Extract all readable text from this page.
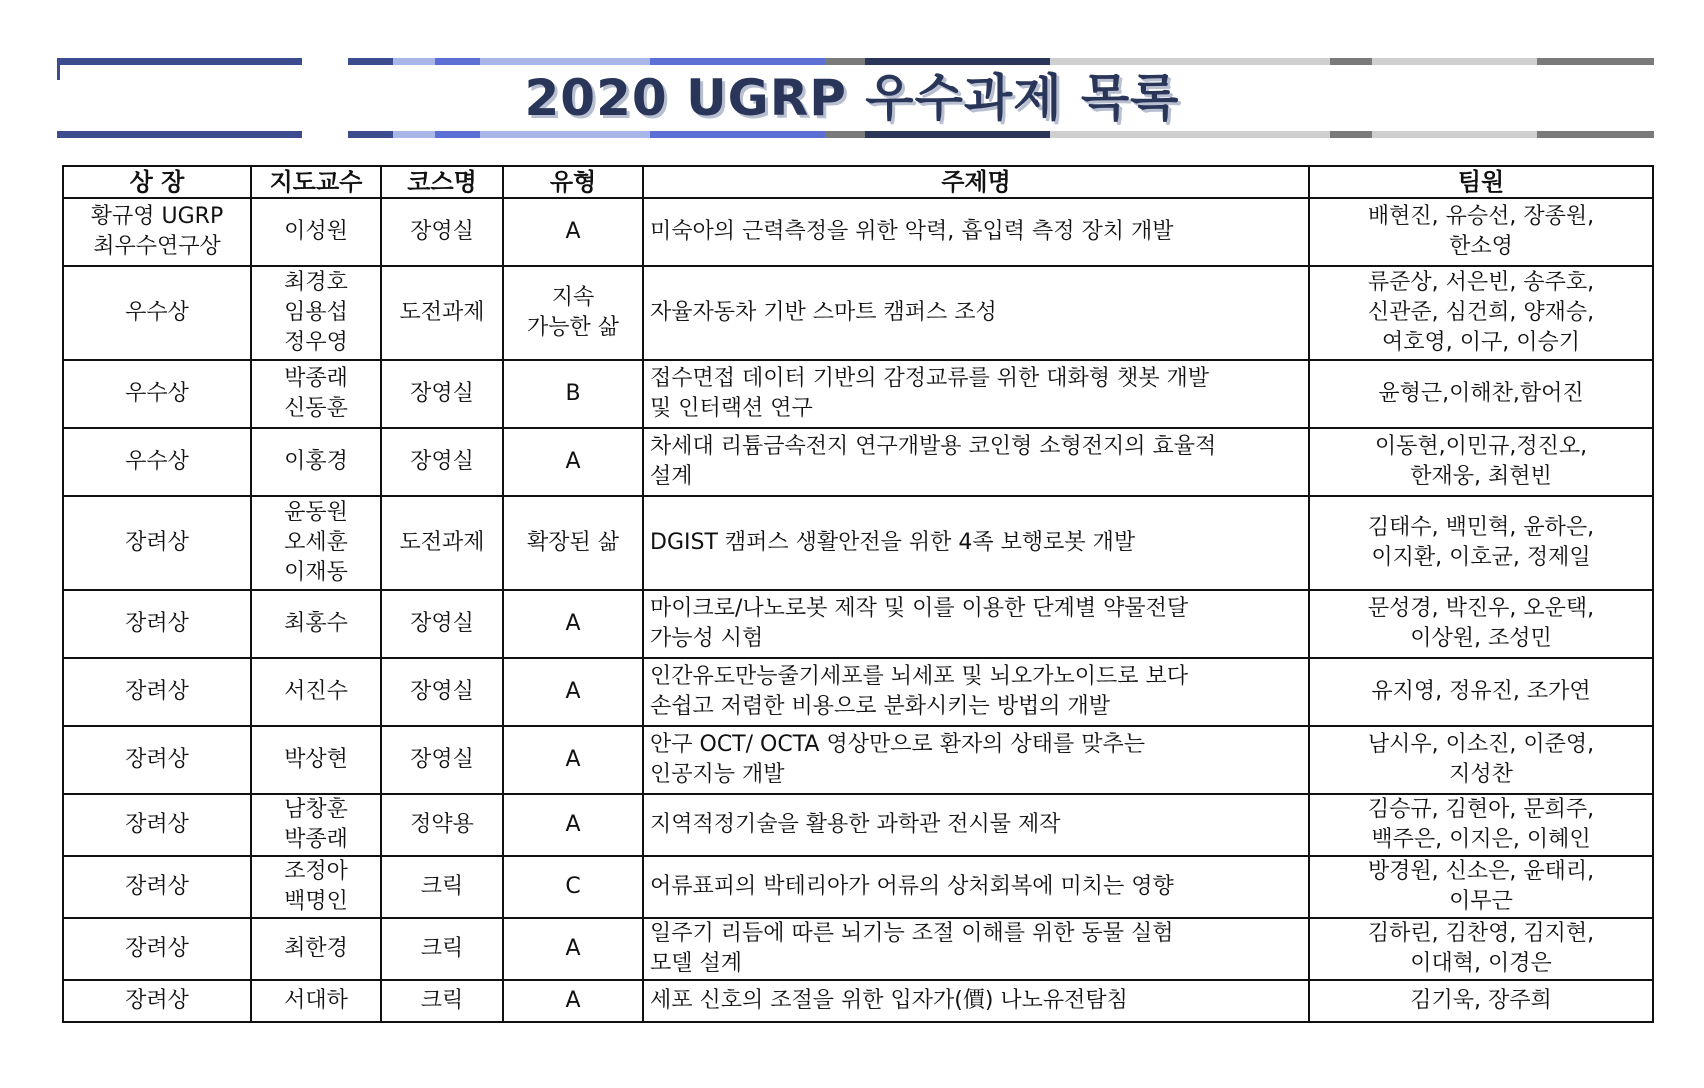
2020 UGRP 우수과제 목록
상 장	지도교수	코스명	유형	주제명	팀원

황규영 UGRP
최우수연구상	이성원	장영실	A	미숙아의 근력측정을 위한 악력, 흡입력 측정 장치 개발	배현진, 유승선, 장종원,
한소영

우수상	최경호
임용섭
정우영	도전과제	지속
가능한 삶	자율자동차 기반 스마트 캠퍼스 조성	류준상, 서은빈, 송주호,
신관준, 심건희, 양재승,
여호영, 이구, 이승기

우수상	박종래
신동훈	장영실	B	접수면접 데이터 기반의 감정교류를 위한 대화형 챗봇 개발
및 인터랙션 연구	윤형근,이해찬,함어진

우수상	이홍경	장영실	A	차세대 리튬금속전지 연구개발용 코인형 소형전지의 효율적
설계	이동현,이민규,정진오,
한재웅, 최현빈

장려상	윤동원
오세훈
이재동	도전과제	확장된 삶	DGIST 캠퍼스 생활안전을 위한 4족 보행로봇 개발	김태수, 백민혁, 윤하은,
이지환, 이호균, 정제일

장려상	최홍수	장영실	A	마이크로/나노로봇 제작 및 이를 이용한 단계별 약물전달
가능성 시험	문성경, 박진우, 오운택,
이상원, 조성민

장려상	서진수	장영실	A	인간유도만능줄기세포를 뇌세포 및 뇌오가노이드로 보다
손쉽고 저렴한 비용으로 분화시키는 방법의 개발	유지영, 정유진, 조가연

장려상	박상현	장영실	A	안구 OCT/ OCTA 영상만으로 환자의 상태를 맞추는
인공지능 개발	남시우, 이소진, 이준영,
지성찬

장려상	남창훈
박종래	정약용	A	지역적정기술을 활용한 과학관 전시물 제작	김승규, 김현아, 문희주,
백주은, 이지은, 이혜인

장려상	조정아
백명인	크릭	C	어류표피의 박테리아가 어류의 상처회복에 미치는 영향	방경원, 신소은, 윤태리,
이무근

장려상	최한경	크릭	A	일주기 리듬에 따른 뇌기능 조절 이해를 위한 동물 실험
모델 설계	김하린, 김찬영, 김지현,
이대혁, 이경은

장려상	서대하	크릭	A	세포 신호의 조절을 위한 입자가(價) 나노유전탐침	김기욱, 장주희
